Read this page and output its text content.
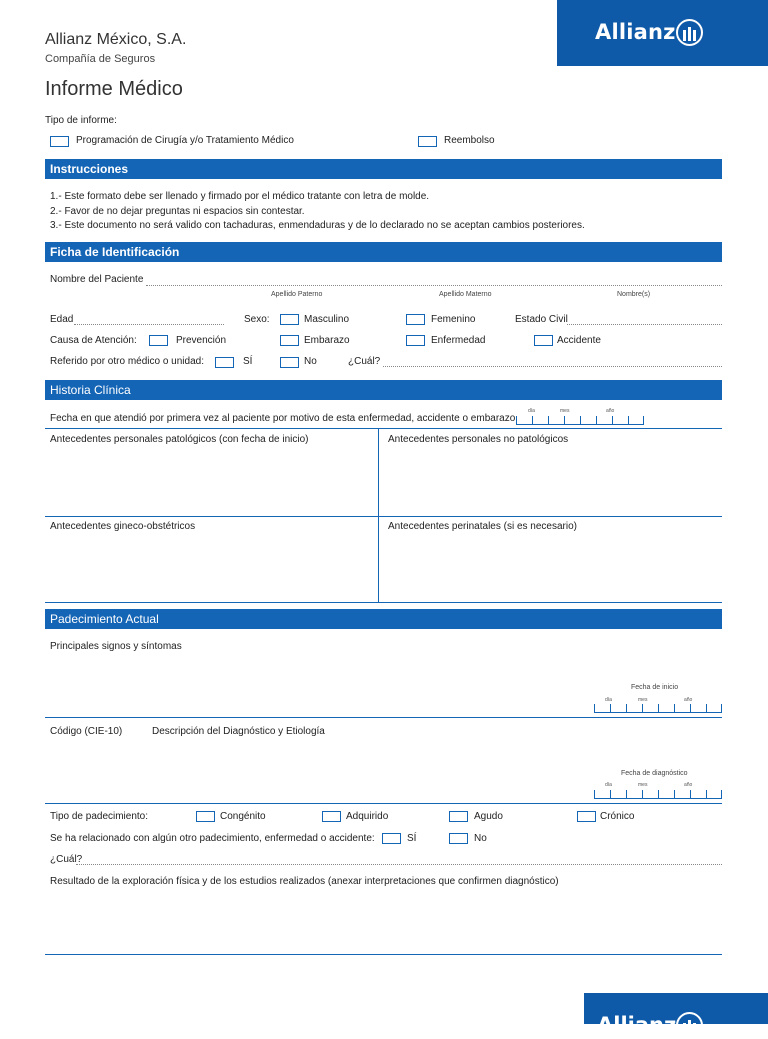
Allianz
Allianz México, S.A.
Compañía de Seguros
Informe Médico
Tipo de informe:
Programación de Cirugía y/o Tratamiento Médico	Reembolso
Instrucciones
1.- Este formato debe ser llenado y firmado por el médico tratante con letra de molde.
2.- Favor de no dejar preguntas ni espacios sin contestar.
3.- Este documento no será valido con tachaduras, enmendaduras y de lo declarado no se aceptan cambios posteriores.
Ficha de Identificación
Nombre del Paciente
Apellido Paterno	Apellido Materno	Nombre(s)
Edad	Sexo:	Masculino	Femenino	Estado Civil
Causa de Atención:	Prevención	Embarazo	Enfermedad	Accidente
Referido por otro médico o unidad:	SÍ	No	¿Cuál?
Historia Clínica
Fecha en que atendió por primera vez al paciente por motivo de esta enfermedad, accidente o embarazo
día	mes	año
Antecedentes personales patológicos (con fecha de inicio)	Antecedentes personales no patológicos
Antecedentes gineco-obstétricos	Antecedentes perinatales (si es necesario)
Padecimiento Actual
Principales signos y síntomas
Fecha de inicio
día	mes	año
Código (CIE-10)	Descripción del Diagnóstico y Etiología
Fecha de diagnóstico
día	mes	año
Tipo de padecimiento:	Congénito	Adquirido	Agudo	Crónico
Se ha relacionado con algún otro padecimiento, enfermedad o accidente:	SÍ	No
¿Cuál?
Resultado de la exploración física y de los estudios realizados (anexar interpretaciones que confirmen diagnóstico)
Allianz
